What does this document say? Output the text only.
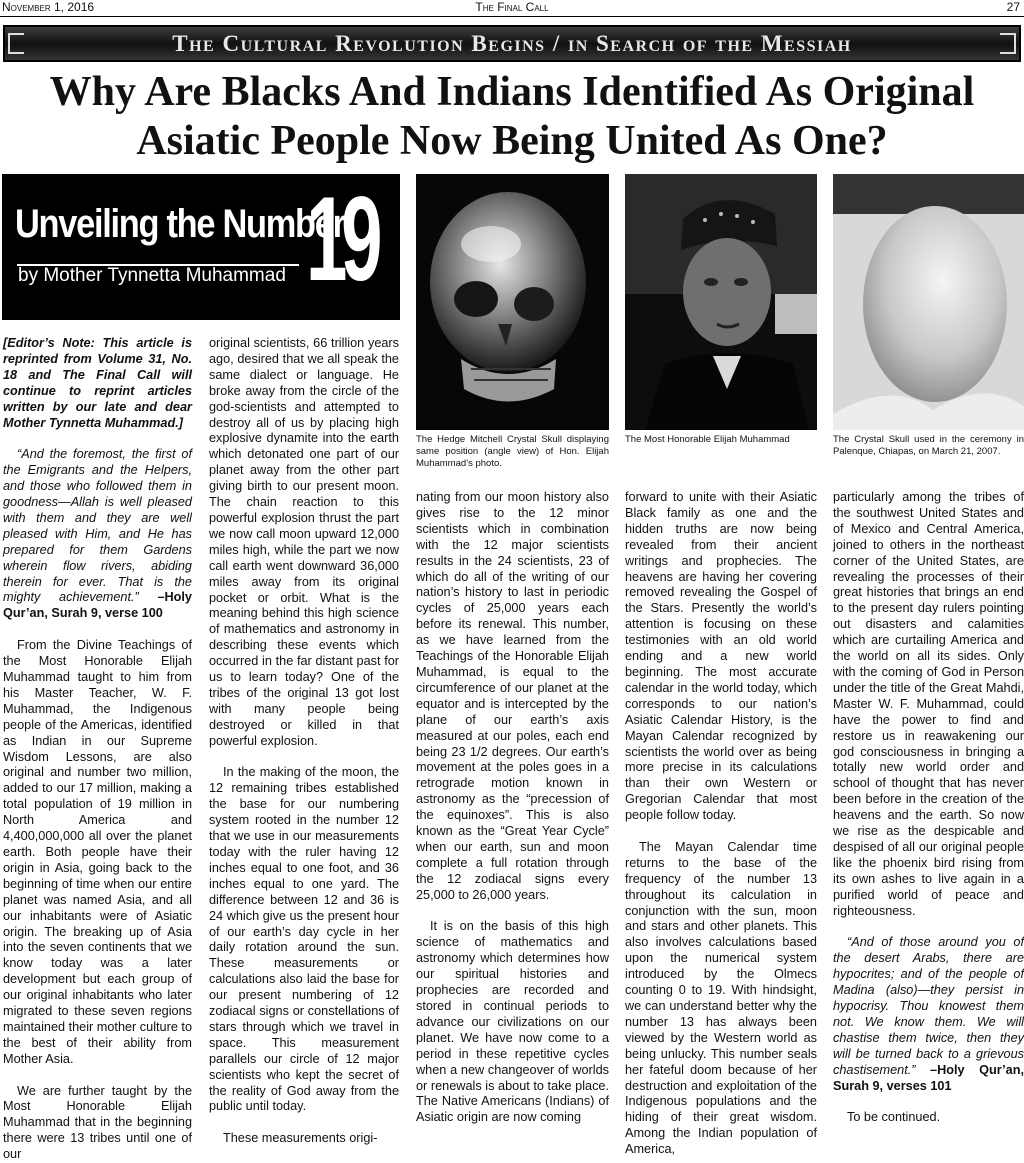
November 1, 2016	The Final Call	27
The Cultural Revolution Begins / in Search of the Messiah
Why Are Blacks And Indians Identified As Original Asiatic People Now Being United As One?
Unveiling the Number
by Mother Tynnetta Muhammad 19

The Hedge Mitchell Crystal Skull displaying same position (angle view) of Hon. Elijah Muhammad’s photo.

The Most Honorable Elijah Muhammad	The Crystal Skull used in the ceremony in Palenque, Chiapas, on March 21, 2007.

[Editor’s Note: This article is reprinted from Volume 31, No. 18 and The Final Call will continue to reprint articles written by our late and dear Mother Tynnetta Muhammad.]

“And the foremost, the first of the Emigrants and the Helpers, and those who followed them in goodness—Allah is well pleased with them and they are well pleased with Him, and He has prepared for them Gardens wherein flow rivers, abiding therein for ever. That is the mighty achievement.” –Holy Qur’an, Surah 9, verse 100

From the Divine Teachings of the Most Honorable Elijah Muhammad taught to him from his Master Teacher, W. F. Muhammad, the Indigenous people of the Americas, identified as Indian in our Supreme Wisdom Lessons, are also original and number two million, added to our 17 million, making a total population of 19 million in North America and 4,400,000,000 all over the planet earth. Both people have their origin in Asia, going back to the beginning of time when our entire planet was named Asia, and all our inhabitants were of Asiatic origin. The breaking up of Asia into the seven continents that we know today was a later development but each group of our original inhabitants who later migrated to these seven regions maintained their mother culture to the best of their ability from Mother Asia.

We are further taught by the Most Honorable Elijah Muhammad that in the beginning there were 13 tribes until one of our

original scientists, 66 trillion years ago, desired that we all speak the same dialect or language. He broke away from the circle of the god-scientists and attempted to destroy all of us by placing high explosive dynamite into the earth which detonated one part of our planet away from the other part giving birth to our present moon. The chain reaction to this powerful explosion thrust the part we now call moon upward 12,000 miles high, while the part we now call earth went downward 36,000 miles away from its original pocket or orbit. What is the meaning behind this high science of mathematics and astronomy in describing these events which occurred in the far distant past for us to learn today? One of the tribes of the original 13 got lost with many people being destroyed or killed in that powerful explosion.

In the making of the moon, the 12 remaining tribes established the base for our numbering system rooted in the number 12 that we use in our measurements today with the ruler having 12 inches equal to one foot, and 36 inches equal to one yard. The difference between 12 and 36 is 24 which give us the present hour of our earth’s day cycle in her daily rotation around the sun. These measurements or calculations also laid the base for our present numbering of 12 zodiacal signs or constellations of stars through which we travel in space. This measurement parallels our circle of 12 major scientists who kept the secret of the reality of God away from the public until today.

These measurements origi-

nating from our moon history also gives rise to the 12 minor scientists which in combination with the 12 major scientists results in the 24 scientists, 23 of which do all of the writing of our nation’s history to last in periodic cycles of 25,000 years each before its renewal. This number, as we have learned from the Teachings of the Honorable Elijah Muhammad, is equal to the circumference of our planet at the equator and is intercepted by the plane of our earth’s axis measured at our poles, each end being 23 1/2 degrees. Our earth’s movement at the poles goes in a retrograde motion known in astronomy as the “precession of the equinoxes”. This is also known as the “Great Year Cycle” when our earth, sun and moon complete a full rotation through the 12 zodiacal signs every 25,000 to 26,000 years.

It is on the basis of this high science of mathematics and astronomy which determines how our spiritual histories and prophecies are recorded and stored in continual periods to advance our civilizations on our planet. We have now come to a period in these repetitive cycles when a new changeover of worlds or renewals is about to take place. The Native Americans (Indians) of Asiatic origin are now coming

forward to unite with their Asiatic Black family as one and the hidden truths are now being revealed from their ancient writings and prophecies. The heavens are having her covering removed revealing the Gospel of the Stars. Presently the world’s attention is focusing on these testimonies with an old world ending and a new world beginning. The most accurate calendar in the world today, which corresponds to our nation’s Asiatic Calendar History, is the Mayan Calendar recognized by scientists the world over as being more precise in its calculations than their own Western or Gregorian Calendar that most people follow today.

The Mayan Calendar time returns to the base of the frequency of the number 13 throughout its calculation in conjunction with the sun, moon and stars and other planets. This also involves calculations based upon the numerical system introduced by the Olmecs counting 0 to 19. With hindsight, we can understand better why the number 13 has always been viewed by the Western world as being unlucky. This number seals her fateful doom because of her destruction and exploitation of the Indigenous populations and the hiding of their great wisdom. Among the Indian population of America,

particularly among the tribes of the southwest United States and of Mexico and Central America, joined to others in the northeast corner of the United States, are revealing the processes of their great histories that brings an end to the present day rulers pointing out disasters and calamities which are curtailing America and the world on all its sides. Only with the coming of God in Person under the title of the Great Mahdi, Master W. F. Muhammad, could have the power to find and restore us in reawakening our god consciousness in bringing a totally new world order and school of thought that has never been before in the creation of the heavens and the earth. So now we rise as the despicable and despised of all our original people like the phoenix bird rising from its own ashes to live again in a purified world of peace and righteousness.

“And of those around you of the desert Arabs, there are hypocrites; and of the people of Madina (also)—they persist in hypocrisy. Thou knowest them not. We know them. We will chastise them twice, then they will be turned back to a grievous chastisement.” –Holy Qur’an, Surah 9, verses 101

To be continued.
